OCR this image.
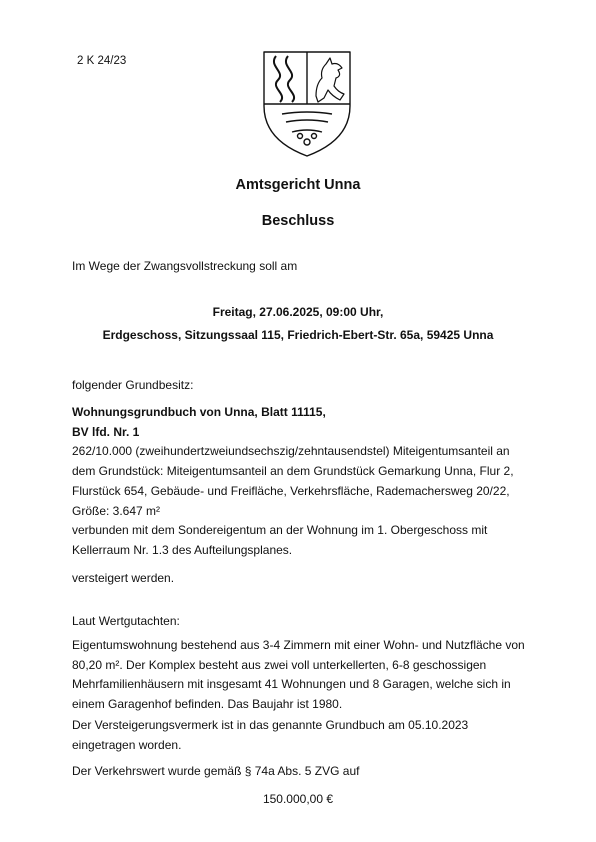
2 K 24/23
Amtsgericht Unna
Beschluss
Im Wege der Zwangsvollstreckung soll am
Freitag, 27.06.2025, 09:00 Uhr,
Erdgeschoss, Sitzungssaal 115, Friedrich-Ebert-Str. 65a, 59425 Unna
folgender Grundbesitz:
Wohnungsgrundbuch von Unna, Blatt 11115,
BV lfd. Nr. 1
262/10.000 (zweihundertzweiundsechszig/zehntausendstel) Miteigentumsanteil an
dem Grundstück: Miteigentumsanteil an dem Grundstück Gemarkung Unna, Flur 2,
Flurstück 654, Gebäude- und Freifläche, Verkehrsfläche, Rademachersweg 20/22,
Größe: 3.647 m²
verbunden mit dem Sondereigentum an der Wohnung im 1. Obergeschoss mit
Kellerraum Nr. 1.3 des Aufteilungsplanes.
versteigert werden.
Laut Wertgutachten:
Eigentumswohnung bestehend aus 3-4 Zimmern mit einer Wohn- und Nutzfläche von
80,20 m². Der Komplex besteht aus zwei voll unterkellerten, 6-8 geschossigen
Mehrfamilienhäusern mit insgesamt 41 Wohnungen und 8 Garagen, welche sich in
einem Garagenhof befinden. Das Baujahr ist 1980.
Der Versteigerungsvermerk ist in das genannte Grundbuch am 05.10.2023
eingetragen worden.
Der Verkehrswert wurde gemäß § 74a Abs. 5 ZVG auf
150.000,00 €
